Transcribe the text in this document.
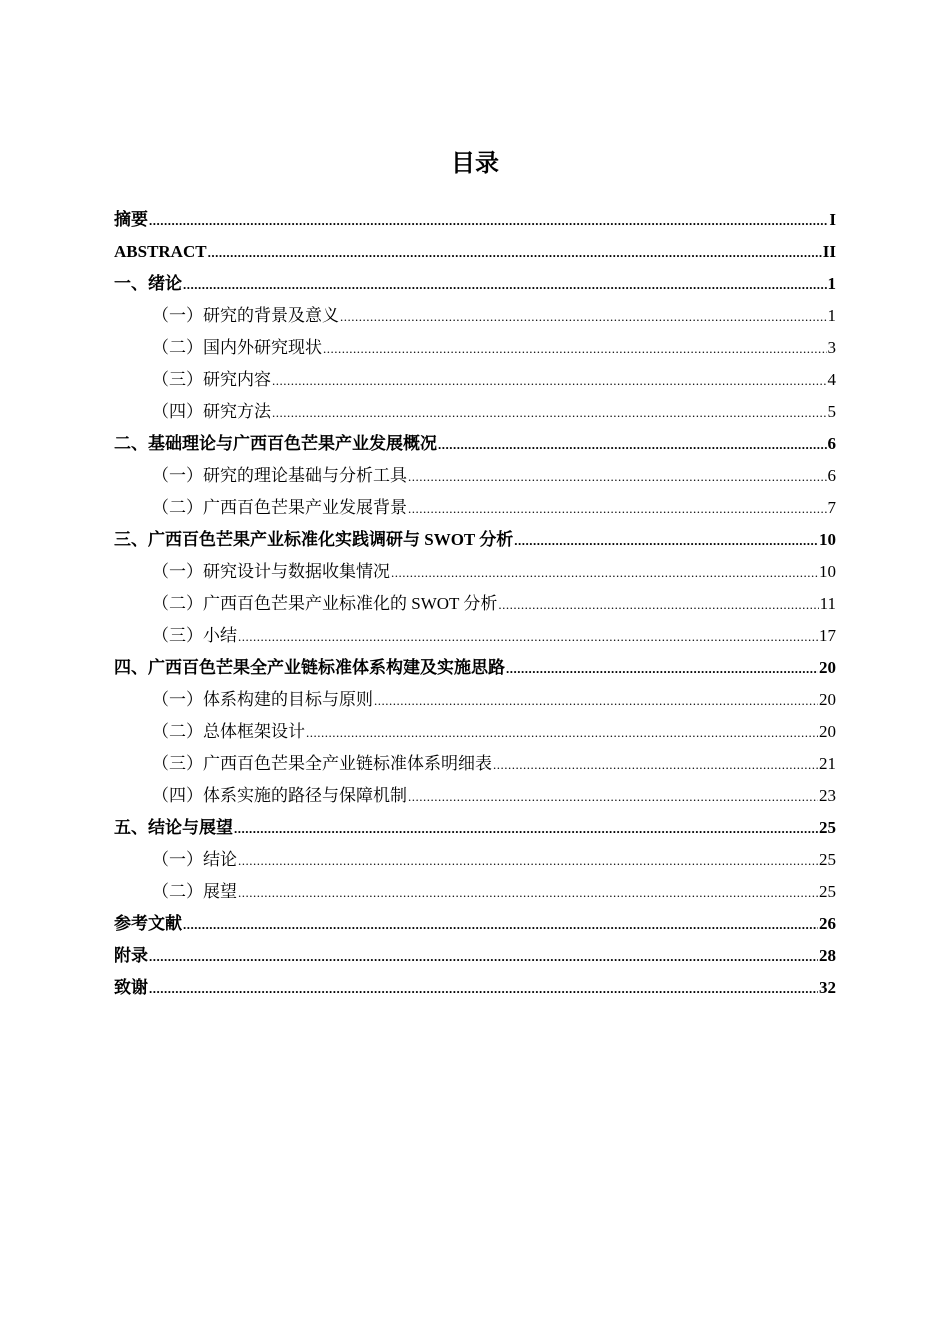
目录
摘要 .....	I
ABSTRACT .....	II
一、绪论 .....	1
（一）研究的背景及意义 .....	1
（二）国内外研究现状 .....	3
（三）研究内容 .....	4
（四）研究方法 .....	5
二、基础理论与广西百色芒果产业发展概况 .....	6
（一）研究的理论基础与分析工具 .....	6
（二）广西百色芒果产业发展背景 .....	7
三、广西百色芒果产业标准化实践调研与 SWOT 分析 .....	10
（一）研究设计与数据收集情况 .....	10
（二）广西百色芒果产业标准化的 SWOT 分析 .....	11
（三）小结 .....	17
四、广西百色芒果全产业链标准体系构建及实施思路 .....	20
（一）体系构建的目标与原则 .....	20
（二）总体框架设计 .....	20
（三）广西百色芒果全产业链标准体系明细表 .....	21
（四）体系实施的路径与保障机制 .....	23
五、结论与展望 .....	25
（一）结论 .....	25
（二）展望 .....	25
参考文献 .....	26
附录 .....	28
致谢 .....	32
